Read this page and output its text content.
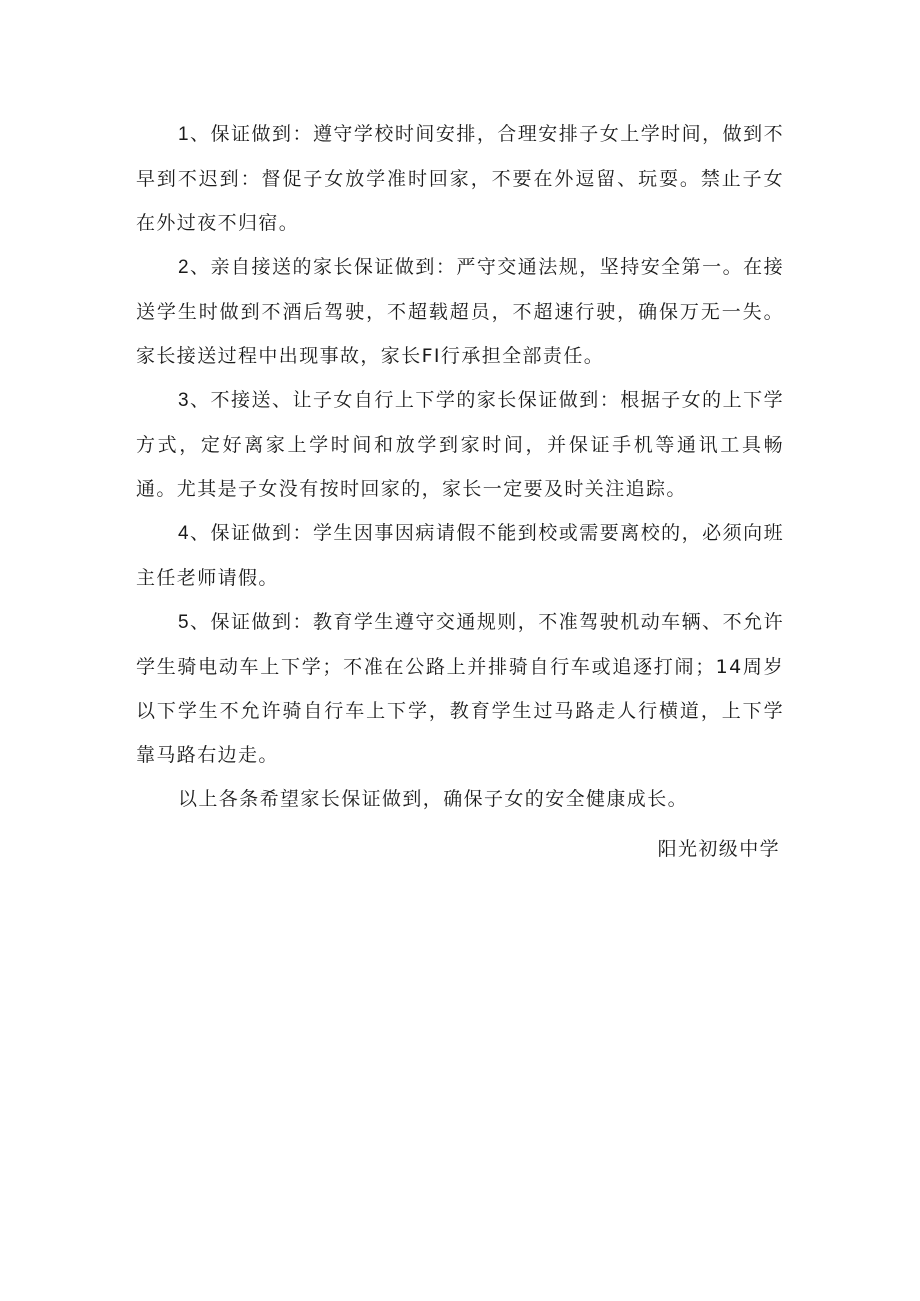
1、保证做到：遵守学校时间安排，合理安排子女上学时间，做到不早到不迟到：督促子女放学准时回家，不要在外逗留、玩耍。禁止子女在外过夜不归宿。

2、亲自接送的家长保证做到：严守交通法规，坚持安全第一。在接送学生时做到不酒后驾驶，不超载超员，不超速行驶，确保万无一失。家长接送过程中出现事故，家长FI行承担全部责任。

3、不接送、让子女自行上下学的家长保证做到：根据子女的上下学方式，定好离家上学时间和放学到家时间，并保证手机等通讯工具畅通。尤其是子女没有按时回家的，家长一定要及时关注追踪。

4、保证做到：学生因事因病请假不能到校或需要离校的，必须向班主任老师请假。

5、保证做到：教育学生遵守交通规则，不准驾驶机动车辆、不允许学生骑电动车上下学；不准在公路上并排骑自行车或追逐打闹；14周岁以下学生不允许骑自行车上下学，教育学生过马路走人行横道，上下学靠马路右边走。

以上各条希望家长保证做到，确保子女的安全健康成长。

阳光初级中学
